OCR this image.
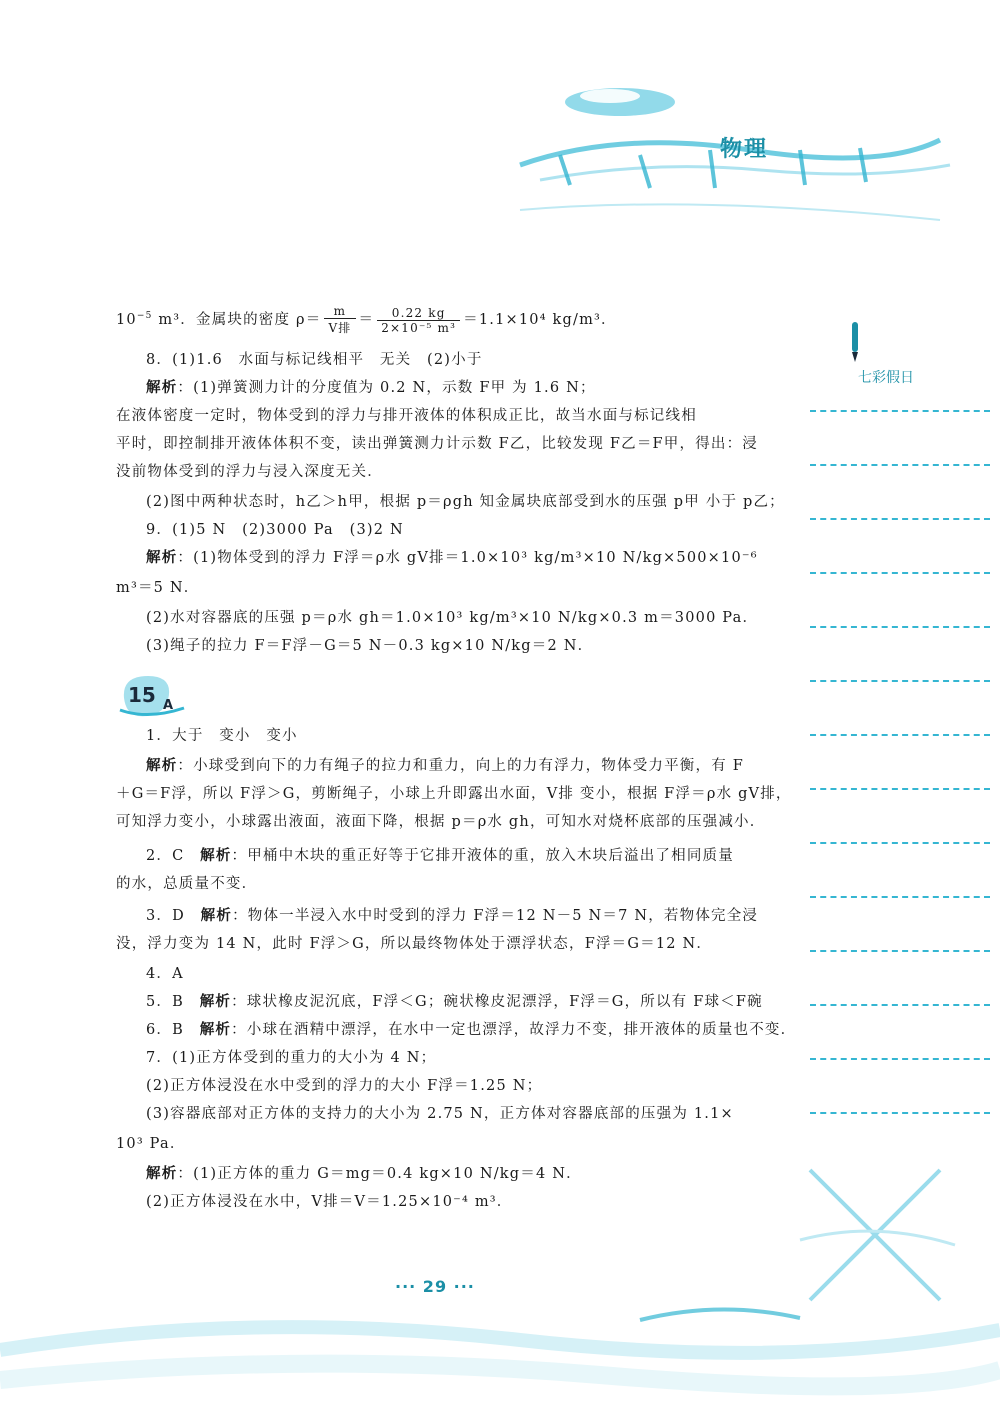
物理
七彩假日
$10^{-5}$ m³．金属块的密度 $\rho= \frac{m}{\text{V排}} = \frac{0.22 kg}{\text{2×10⁻⁵ m³}} =1.1\times 10^4$ kg/m³．
8．(1)1.6　水面与标记线相平　无关　(2)小于
解析：(1)弹簧测力计的分度值为 0.2 N，示数 F甲 为 1.6 N；
在液体密度一定时，物体受到的浮力与排开液体的体积成正比，故当水面与标记线相
平时，即控制排开液体体积不变，读出弹簧测力计示数 F乙，比较发现 F乙＝F甲，得出：浸
没前物体受到的浮力与浸入深度无关．
(2)图中两种状态时，h乙＞h甲，根据 p＝ρgh 知金属块底部受到水的压强 p甲 小于 p乙；
9．(1)5 N　(2)3000 Pa　(3)2 N
解析：(1)物体受到的浮力 F浮＝ρ水 gV排＝1.0×10³ kg/m³×10 N/kg×500×10⁻⁶
m³＝5 N．
(2)水对容器底的压强 p＝ρ水 gh＝1.0×10³ kg/m³×10 N/kg×0.3 m＝3000 Pa．
(3)绳子的拉力 F＝F浮－G＝5 N－0.3 kg×10 N/kg＝2 N．
1．大于　变小　变小
解析：小球受到向下的力有绳子的拉力和重力，向上的力有浮力，物体受力平衡，有 F
＋G＝F浮，所以 F浮＞G，剪断绳子，小球上升即露出水面，V排 变小，根据 F浮＝ρ水 gV排，
可知浮力变小，小球露出液面，液面下降，根据 p＝ρ水 gh，可知水对烧杯底部的压强减小．
2．C　解析：甲桶中木块的重正好等于它排开液体的重，放入木块后溢出了相同质量
的水，总质量不变．
3．D　解析：物体一半浸入水中时受到的浮力 F浮＝12 N－5 N＝7 N，若物体完全浸
没，浮力变为 14 N，此时 F浮＞G，所以最终物体处于漂浮状态，F浮＝G＝12 N．
4．A
5．B　解析：球状橡皮泥沉底，F浮＜G；碗状橡皮泥漂浮，F浮＝G，所以有 F球＜F碗
6．B　解析：小球在酒精中漂浮，在水中一定也漂浮，故浮力不变，排开液体的质量也不变．
7．(1)正方体受到的重力的大小为 4 N；
(2)正方体浸没在水中受到的浮力的大小 F浮＝1.25 N；
(3)容器底部对正方体的支持力的大小为 2.75 N，正方体对容器底部的压强为 1.1×
10³ Pa．
解析：(1)正方体的重力 G＝mg＝0.4 kg×10 N/kg＝4 N．
(2)正方体浸没在水中，V排＝V＝1.25×10⁻⁴ m³．
15 A
··· 29 ···
